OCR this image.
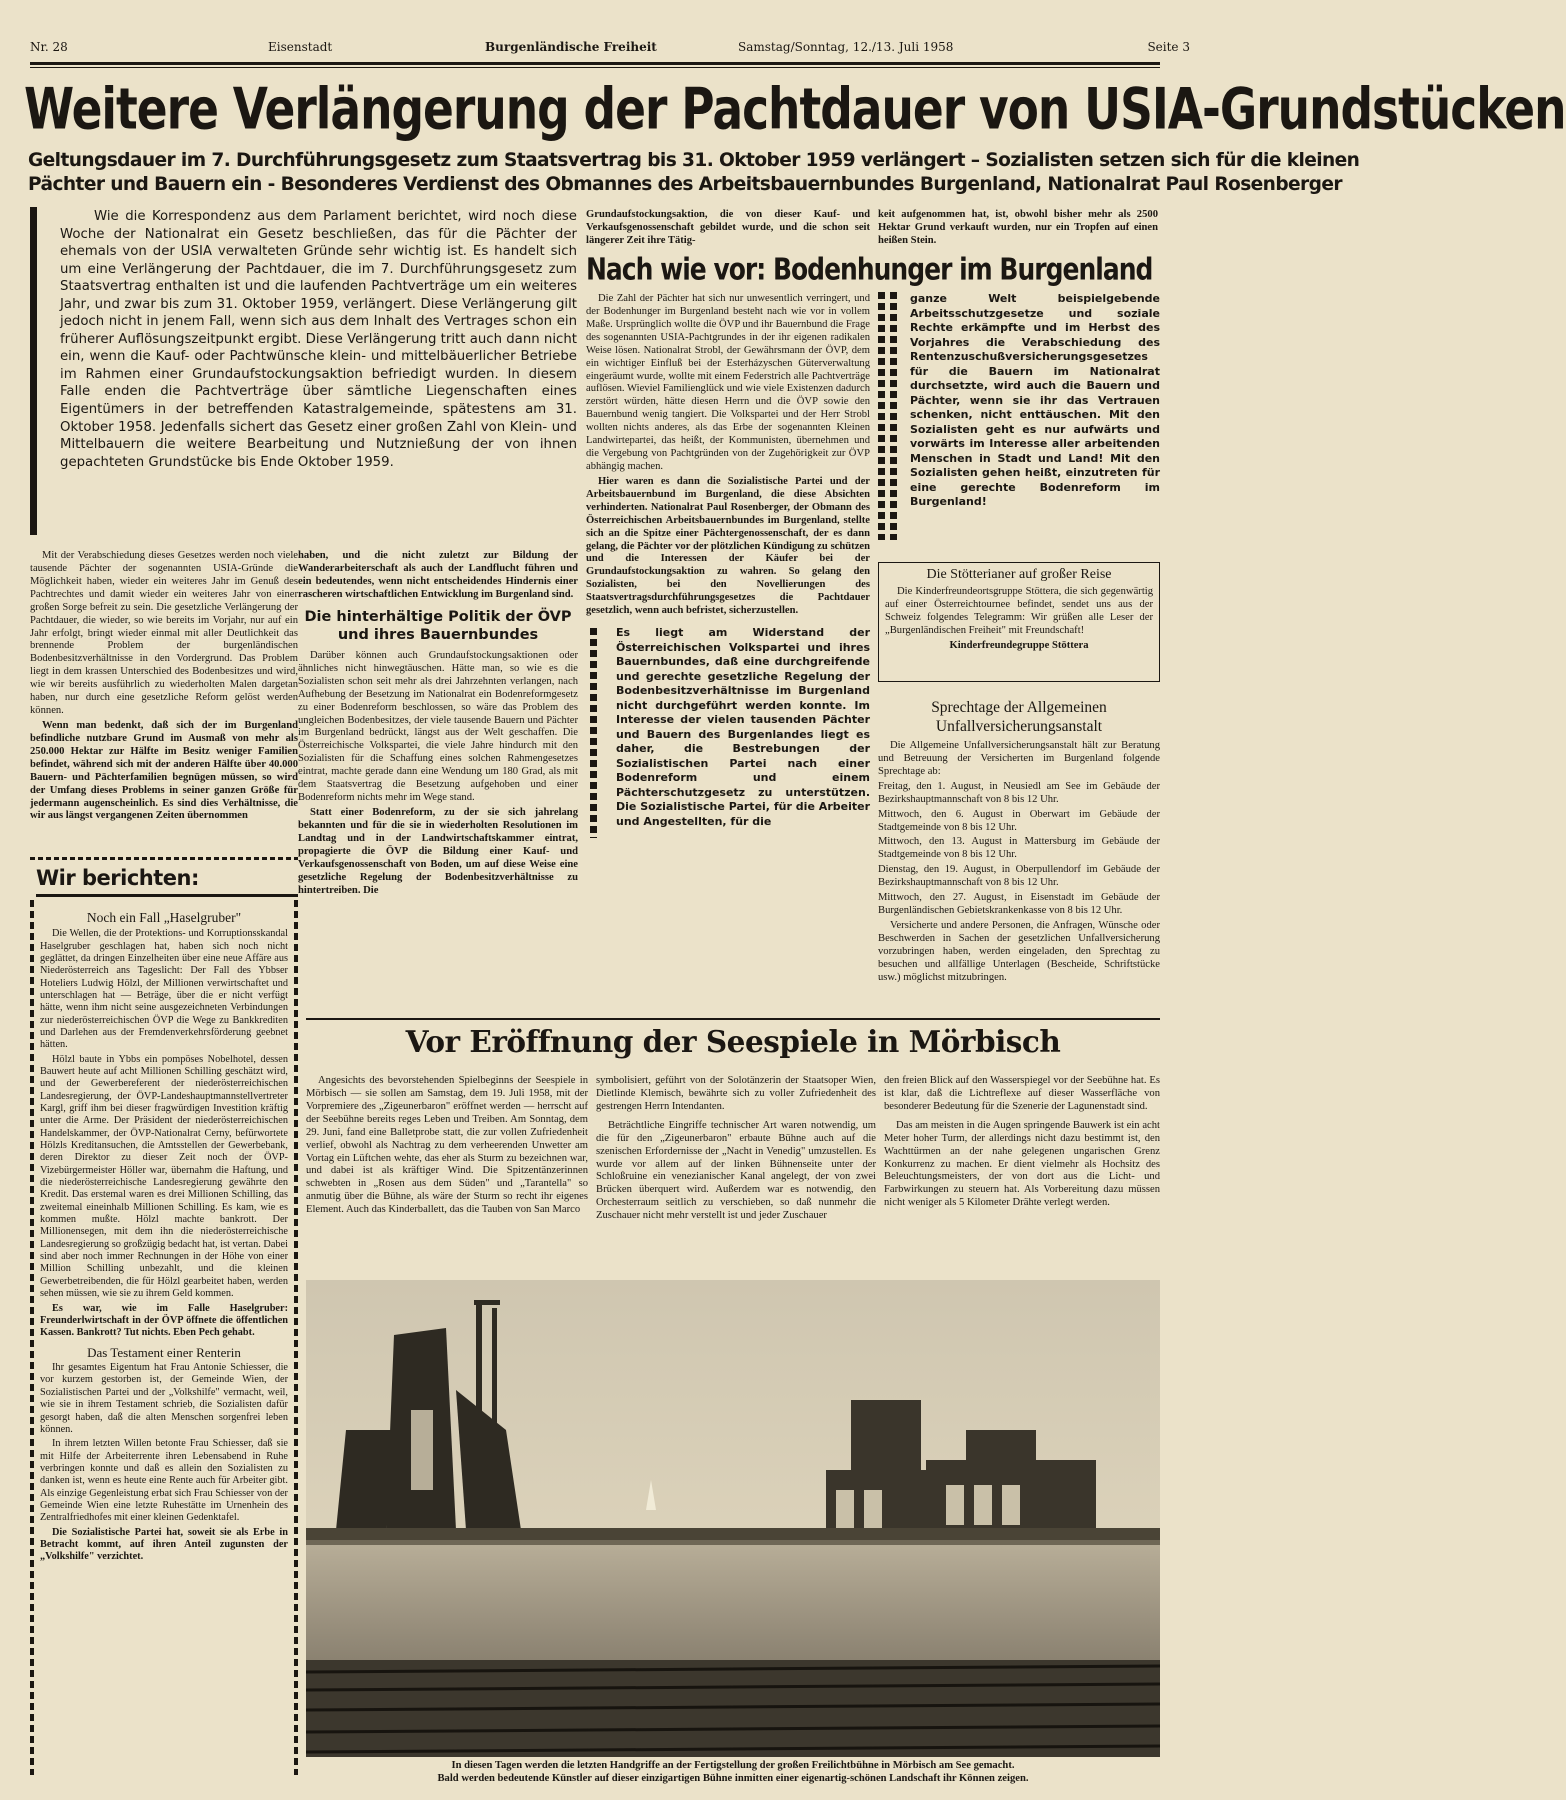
Nr. 28	Eisenstadt	Burgenländische Freiheit	Samstag/Sonntag, 12./13. Juli 1958	Seite 3
Weitere Verlängerung der Pachtdauer von USIA-Grundstücken
Geltungsdauer im 7. Durchführungsgesetz zum Staatsvertrag bis 31. Oktober 1959 verlängert – Sozialisten setzen sich für die kleinen
Pächter und Bauern ein - Besonderes Verdienst des Obmannes des Arbeitsbauernbundes Burgenland, Nationalrat Paul Rosenberger
Wie die Korrespondenz aus dem Parlament berichtet, wird noch diese Woche der Nationalrat ein Gesetz beschließen, das für die Pächter der ehemals von der USIA verwalteten Gründe sehr wichtig ist. Es handelt sich um eine Verlängerung der Pachtdauer, die im 7. Durchführungsgesetz zum Staatsvertrag enthalten ist und die laufenden Pachtverträge um ein weiteres Jahr, und zwar bis zum 31. Oktober 1959, verlängert. Diese Verlängerung gilt jedoch nicht in jenem Fall, wenn sich aus dem Inhalt des Vertrages schon ein früherer Auflösungszeitpunkt ergibt. Diese Verlängerung tritt auch dann nicht ein, wenn die Kauf- oder Pachtwünsche klein- und mittelbäuerlicher Betriebe im Rahmen einer Grundaufstockungsaktion befriedigt wurden. In diesem Falle enden die Pachtverträge über sämtliche Liegenschaften eines Eigentümers in der betreffenden Katastralgemeinde, spätestens am 31. Oktober 1958. Jedenfalls sichert das Gesetz einer großen Zahl von Klein- und Mittelbauern die weitere Bearbeitung und Nutznießung der von ihnen gepachteten Grundstücke bis Ende Oktober 1959.

Mit der Verabschiedung dieses Gesetzes werden noch viele tausende Pächter der sogenannten USIA-Gründe die Möglichkeit haben, wieder ein weiteres Jahr im Genuß des Pachtrechtes und damit wieder ein weiteres Jahr von einer großen Sorge befreit zu sein. Die gesetzliche Verlängerung der Pachtdauer, die wieder, so wie bereits im Vorjahr, nur auf ein Jahr erfolgt, bringt wieder einmal mit aller Deutlichkeit das brennende Problem der burgenländischen Bodenbesitzverhältnisse in den Vordergrund. Das Problem liegt in dem krassen Unterschied des Bodenbesitzes und wird, wie wir bereits ausführlich zu wiederholten Malen dargetan haben, nur durch eine gesetzliche Reform gelöst werden können.

Wenn man bedenkt, daß sich der im Burgenland befindliche nutzbare Grund im Ausmaß von mehr als 250.000 Hektar zur Hälfte im Besitz weniger Familien befindet, während sich mit der anderen Hälfte über 40.000 Bauern- und Pächterfamilien begnügen müssen, so wird der Umfang dieses Problems in seiner ganzen Größe für jedermann augenscheinlich. Es sind dies Verhältnisse, die wir aus längst vergangenen Zeiten übernommen

haben, und die nicht zuletzt zur Bildung der Wanderarbeiterschaft als auch der Landflucht führen und ein bedeutendes, wenn nicht entscheidendes Hindernis einer rascheren wirtschaftlichen Entwicklung im Burgenland sind.

Die hinterhältige Politik der ÖVP und ihres Bauernbundes

Darüber können auch Grundaufstockungsaktionen oder ähnliches nicht hinwegtäuschen. Hätte man, so wie es die Sozialisten schon seit mehr als drei Jahrzehnten verlangen, nach Aufhebung der Besetzung im Nationalrat ein Bodenreformgesetz zu einer Bodenreform beschlossen, so wäre das Problem des ungleichen Bodenbesitzes, der viele tausende Bauern und Pächter im Burgenland bedrückt, längst aus der Welt geschaffen. Die Österreichische Volkspartei, die viele Jahre hindurch mit den Sozialisten für die Schaffung eines solchen Rahmengesetzes eintrat, machte gerade dann eine Wendung um 180 Grad, als mit dem Staatsvertrag die Besetzung aufgehoben und einer Bodenreform nichts mehr im Wege stand.

Statt einer Bodenreform, zu der sie sich jahrelang bekannten und für die sie in wiederholten Resolutionen im Landtag und in der Landwirtschaftskammer eintrat, propagierte die ÖVP die Bildung einer Kauf- und Verkaufsgenossenschaft von Boden, um auf diese Weise eine gesetzliche Regelung der Bodenbesitzverhältnisse zu hintertreiben. Die

Grundaufstockungsaktion, die von dieser Kauf- und Verkaufsgenossenschaft gebildet wurde, und die schon seit längerer Zeit ihre Tätig-
Nach wie vor: Bodenhunger im Burgenland

Die Zahl der Pächter hat sich nur unwesentlich verringert, und der Bodenhunger im Burgenland besteht nach wie vor in vollem Maße. Ursprünglich wollte die ÖVP und ihr Bauernbund die Frage des sogenannten USIA-Pachtgrundes in der ihr eigenen radikalen Weise lösen. Nationalrat Strobl, der Gewährsmann der ÖVP, dem ein wichtiger Einfluß bei der Esterházyschen Güterverwaltung eingeräumt wurde, wollte mit einem Federstrich alle Pachtverträge auflösen. Wieviel Familienglück und wie viele Existenzen dadurch zerstört würden, hätte diesen Herrn und die ÖVP sowie den Bauernbund wenig tangiert. Die Volkspartei und der Herr Strobl wollten nichts anderes, als das Erbe der sogenannten Kleinen Landwirtepartei, das heißt, der Kommunisten, übernehmen und die Vergebung von Pachtgründen von der Zugehörigkeit zur ÖVP abhängig machen.

Hier waren es dann die Sozialistische Partei und der Arbeitsbauernbund im Burgenland, die diese Absichten verhinderten. Nationalrat Paul Rosenberger, der Obmann des Österreichischen Arbeitsbauernbundes im Burgenland, stellte sich an die Spitze einer Pächtergenossenschaft, der es dann gelang, die Pächter vor der plötzlichen Kündigung zu schützen und die Interessen der Käufer bei der Grundaufstockungsaktion zu wahren. So gelang den Sozialisten, bei den Novellierungen des Staatsvertragsdurchführungsgesetzes die Pachtdauer gesetzlich, wenn auch befristet, sicherzustellen.

Es liegt am Widerstand der Österreichischen Volkspartei und ihres Bauernbundes, daß eine durchgreifende und gerechte gesetzliche Regelung der Bodenbesitzverhältnisse im Burgenland nicht durchgeführt werden konnte. Im Interesse der vielen tausenden Pächter und Bauern des Burgenlandes liegt es daher, die Bestrebungen der Sozialistischen Partei nach einer Bodenreform und einem Pächterschutzgesetz zu unterstützen. Die Sozialistische Partei, für die Arbeiter und Angestellten, für die
keit aufgenommen hat, ist, obwohl bisher mehr als 2500 Hektar Grund verkauft wurden, nur ein Tropfen auf einen heißen Stein.
ganze Welt beispielgebende Arbeitsschutzgesetze und soziale Rechte erkämpfte und im Herbst des Vorjahres die Verabschiedung des Rentenzuschußversicherungsgesetzes für die Bauern im Nationalrat durchsetzte, wird auch die Bauern und Pächter, wenn sie ihr das Vertrauen schenken, nicht enttäuschen. Mit den Sozialisten geht es nur aufwärts und vorwärts im Interesse aller arbeitenden Menschen in Stadt und Land! Mit den Sozialisten gehen heißt, einzutreten für eine gerechte Bodenreform im Burgenland!
Die Stötterianer auf großer Reise
Die Kinderfreundeortsgruppe Stöttera, die sich gegenwärtig auf einer Österreichtournee befindet, sendet uns aus der Schweiz folgendes Telegramm: Wir grüßen alle Leser der „Burgenländischen Freiheit" mit Freundschaft!
Kinderfreundegruppe Stöttera
Sprechtage der Allgemeinen Unfallversicherungsanstalt

Die Allgemeine Unfallversicherungsanstalt hält zur Beratung und Betreuung der Versicherten im Burgenland folgende Sprechtage ab:

Freitag, den 1. August, in Neusiedl am See im Gebäude der Bezirkshauptmannschaft von 8 bis 12 Uhr.

Mittwoch, den 6. August in Oberwart im Gebäude der Stadtgemeinde von 8 bis 12 Uhr.

Mittwoch, den 13. August in Mattersburg im Gebäude der Stadtgemeinde von 8 bis 12 Uhr.

Dienstag, den 19. August, in Oberpullendorf im Gebäude der Bezirkshauptmannschaft von 8 bis 12 Uhr.

Mittwoch, den 27. August, in Eisenstadt im Gebäude der Burgenländischen Gebietskrankenkasse von 8 bis 12 Uhr.

Versicherte und andere Personen, die Anfragen, Wünsche oder Beschwerden in Sachen der gesetzlichen Unfallversicherung vorzubringen haben, werden eingeladen, den Sprechtag zu besuchen und allfällige Unterlagen (Bescheide, Schriftstücke usw.) möglichst mitzubringen.

Wir berichten:
Noch ein Fall „Haselgruber"

Die Wellen, die der Protektions- und Korruptionsskandal Haselgruber geschlagen hat, haben sich noch nicht geglättet, da dringen Einzelheiten über eine neue Affäre aus Niederösterreich ans Tageslicht: Der Fall des Ybbser Hoteliers Ludwig Hölzl, der Millionen verwirtschaftet und unterschlagen hat — Beträge, über die er nicht verfügt hätte, wenn ihm nicht seine ausgezeichneten Verbindungen zur niederösterreichischen ÖVP die Wege zu Bankkrediten und Darlehen aus der Fremdenverkehrsförderung geebnet hätten.

Hölzl baute in Ybbs ein pompöses Nobelhotel, dessen Bauwert heute auf acht Millionen Schilling geschätzt wird, und der Gewerbereferent der niederösterreichischen Landesregierung, der ÖVP-Landeshauptmannstellvertreter Kargl, griff ihm bei dieser fragwürdigen Investition kräftig unter die Arme. Der Präsident der niederösterreichischen Handelskammer, der ÖVP-Nationalrat Cerny, befürwortete Hölzls Kreditansuchen, die Amtsstellen der Gewerbebank, deren Direktor zu dieser Zeit noch der ÖVP-Vizebürgermeister Höller war, übernahm die Haftung, und die niederösterreichische Landesregierung gewährte den Kredit. Das erstemal waren es drei Millionen Schilling, das zweitemal eineinhalb Millionen Schilling. Es kam, wie es kommen mußte. Hölzl machte bankrott. Der Millionensegen, mit dem ihn die niederösterreichische Landesregierung so großzügig bedacht hat, ist vertan. Dabei sind aber noch immer Rechnungen in der Höhe von einer Million Schilling unbezahlt, und die kleinen Gewerbetreibenden, die für Hölzl gearbeitet haben, werden sehen müssen, wie sie zu ihrem Geld kommen.

Es war, wie im Falle Haselgruber: Freunderlwirtschaft in der ÖVP öffnete die öffentlichen Kassen. Bankrott? Tut nichts. Eben Pech gehabt.

Das Testament einer Renterin

Ihr gesamtes Eigentum hat Frau Antonie Schiesser, die vor kurzem gestorben ist, der Gemeinde Wien, der Sozialistischen Partei und der „Volkshilfe" vermacht, weil, wie sie in ihrem Testament schrieb, die Sozialisten dafür gesorgt haben, daß die alten Menschen sorgenfrei leben können.

In ihrem letzten Willen betonte Frau Schiesser, daß sie mit Hilfe der Arbeiterrente ihren Lebensabend in Ruhe verbringen konnte und daß es allein den Sozialisten zu danken ist, wenn es heute eine Rente auch für Arbeiter gibt. Als einzige Gegenleistung erbat sich Frau Schiesser von der Gemeinde Wien eine letzte Ruhestätte im Urnenhein des Zentralfriedhofes mit einer kleinen Gedenktafel.

Die Sozialistische Partei hat, soweit sie als Erbe in Betracht kommt, auf ihren Anteil zugunsten der „Volkshilfe" verzichtet.

Vor Eröffnung der Seespiele in Mörbisch
Angesichts des bevorstehenden Spielbeginns der Seespiele in Mörbisch — sie sollen am Samstag, dem 19. Juli 1958, mit der Vorpremiere des „Zigeunerbaron" eröffnet werden — herrscht auf der Seebühne bereits reges Leben und Treiben. Am Sonntag, dem 29. Juni, fand eine Balletprobe statt, die zur vollen Zufriedenheit verlief, obwohl als Nachtrag zu dem verheerenden Unwetter am Vortag ein Lüftchen wehte, das eher als Sturm zu bezeichnen war, und dabei ist als kräftiger Wind. Die Spitzentänzerinnen schwebten in „Rosen aus dem Süden" und „Tarantella" so anmutig über die Bühne, als wäre der Sturm so recht ihr eigenes Element. Auch das Kinderballett, das die Tauben von San Marco

symbolisiert, geführt von der Solotänzerin der Staatsoper Wien, Dietlinde Klemisch, bewährte sich zu voller Zufriedenheit des gestrengen Herrn Intendanten.

Beträchtliche Eingriffe technischer Art waren notwendig, um die für den „Zigeunerbaron" erbaute Bühne auch auf die szenischen Erfordernisse der „Nacht in Venedig" umzustellen. Es wurde vor allem auf der linken Bühnenseite unter der Schloßruine ein venezianischer Kanal angelegt, der von zwei Brücken überquert wird. Außerdem war es notwendig, den Orchesterraum seitlich zu verschieben, so daß nunmehr die Zuschauer nicht mehr verstellt ist und jeder Zuschauer

den freien Blick auf den Wasserspiegel vor der Seebühne hat. Es ist klar, daß die Lichtreflexe auf dieser Wasserfläche von besonderer Bedeutung für die Szenerie der Lagunenstadt sind.

Das am meisten in die Augen springende Bauwerk ist ein acht Meter hoher Turm, der allerdings nicht dazu bestimmt ist, den Wachttürmen an der nahe gelegenen ungarischen Grenz Konkurrenz zu machen. Er dient vielmehr als Hochsitz des Beleuchtungsmeisters, der von dort aus die Licht- und Farbwirkungen zu steuern hat. Als Vorbereitung dazu müssen nicht weniger als 5 Kilometer Drähte verlegt werden.

In diesen Tagen werden die letzten Handgriffe an der Fertigstellung der großen Freilichtbühne in Mörbisch am See gemacht.
Bald werden bedeutende Künstler auf dieser einzigartigen Bühne inmitten einer eigenartig-schönen Landschaft ihr Können zeigen.
